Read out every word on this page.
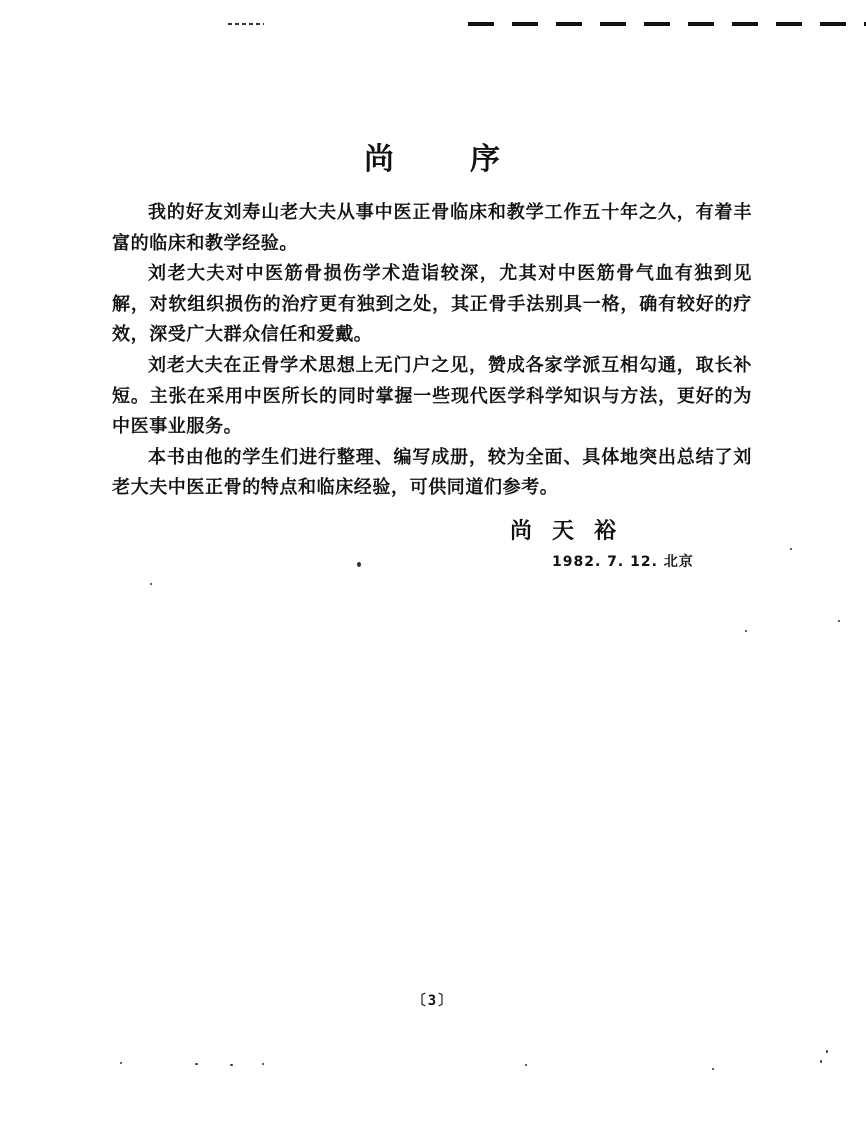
尚 序

我的好友刘寿山老大夫从事中医正骨临床和教学工作五十年之久，有着丰富的临床和教学经验。

刘老大夫对中医筋骨损伤学术造诣较深，尤其对中医筋骨气血有独到见解，对软组织损伤的治疗更有独到之处，其正骨手法别具一格，确有较好的疗效，深受广大群众信任和爱戴。

刘老大夫在正骨学术思想上无门户之见，赞成各家学派互相勾通，取长补短。主张在采用中医所长的同时掌握一些现代医学科学知识与方法，更好的为中医事业服务。

本书由他的学生们进行整理、编写成册，较为全面、具体地突出总结了刘老大夫中医正骨的特点和临床经验，可供同道们参考。

尚天裕
1982. 7. 12. 北京
〔3〕
